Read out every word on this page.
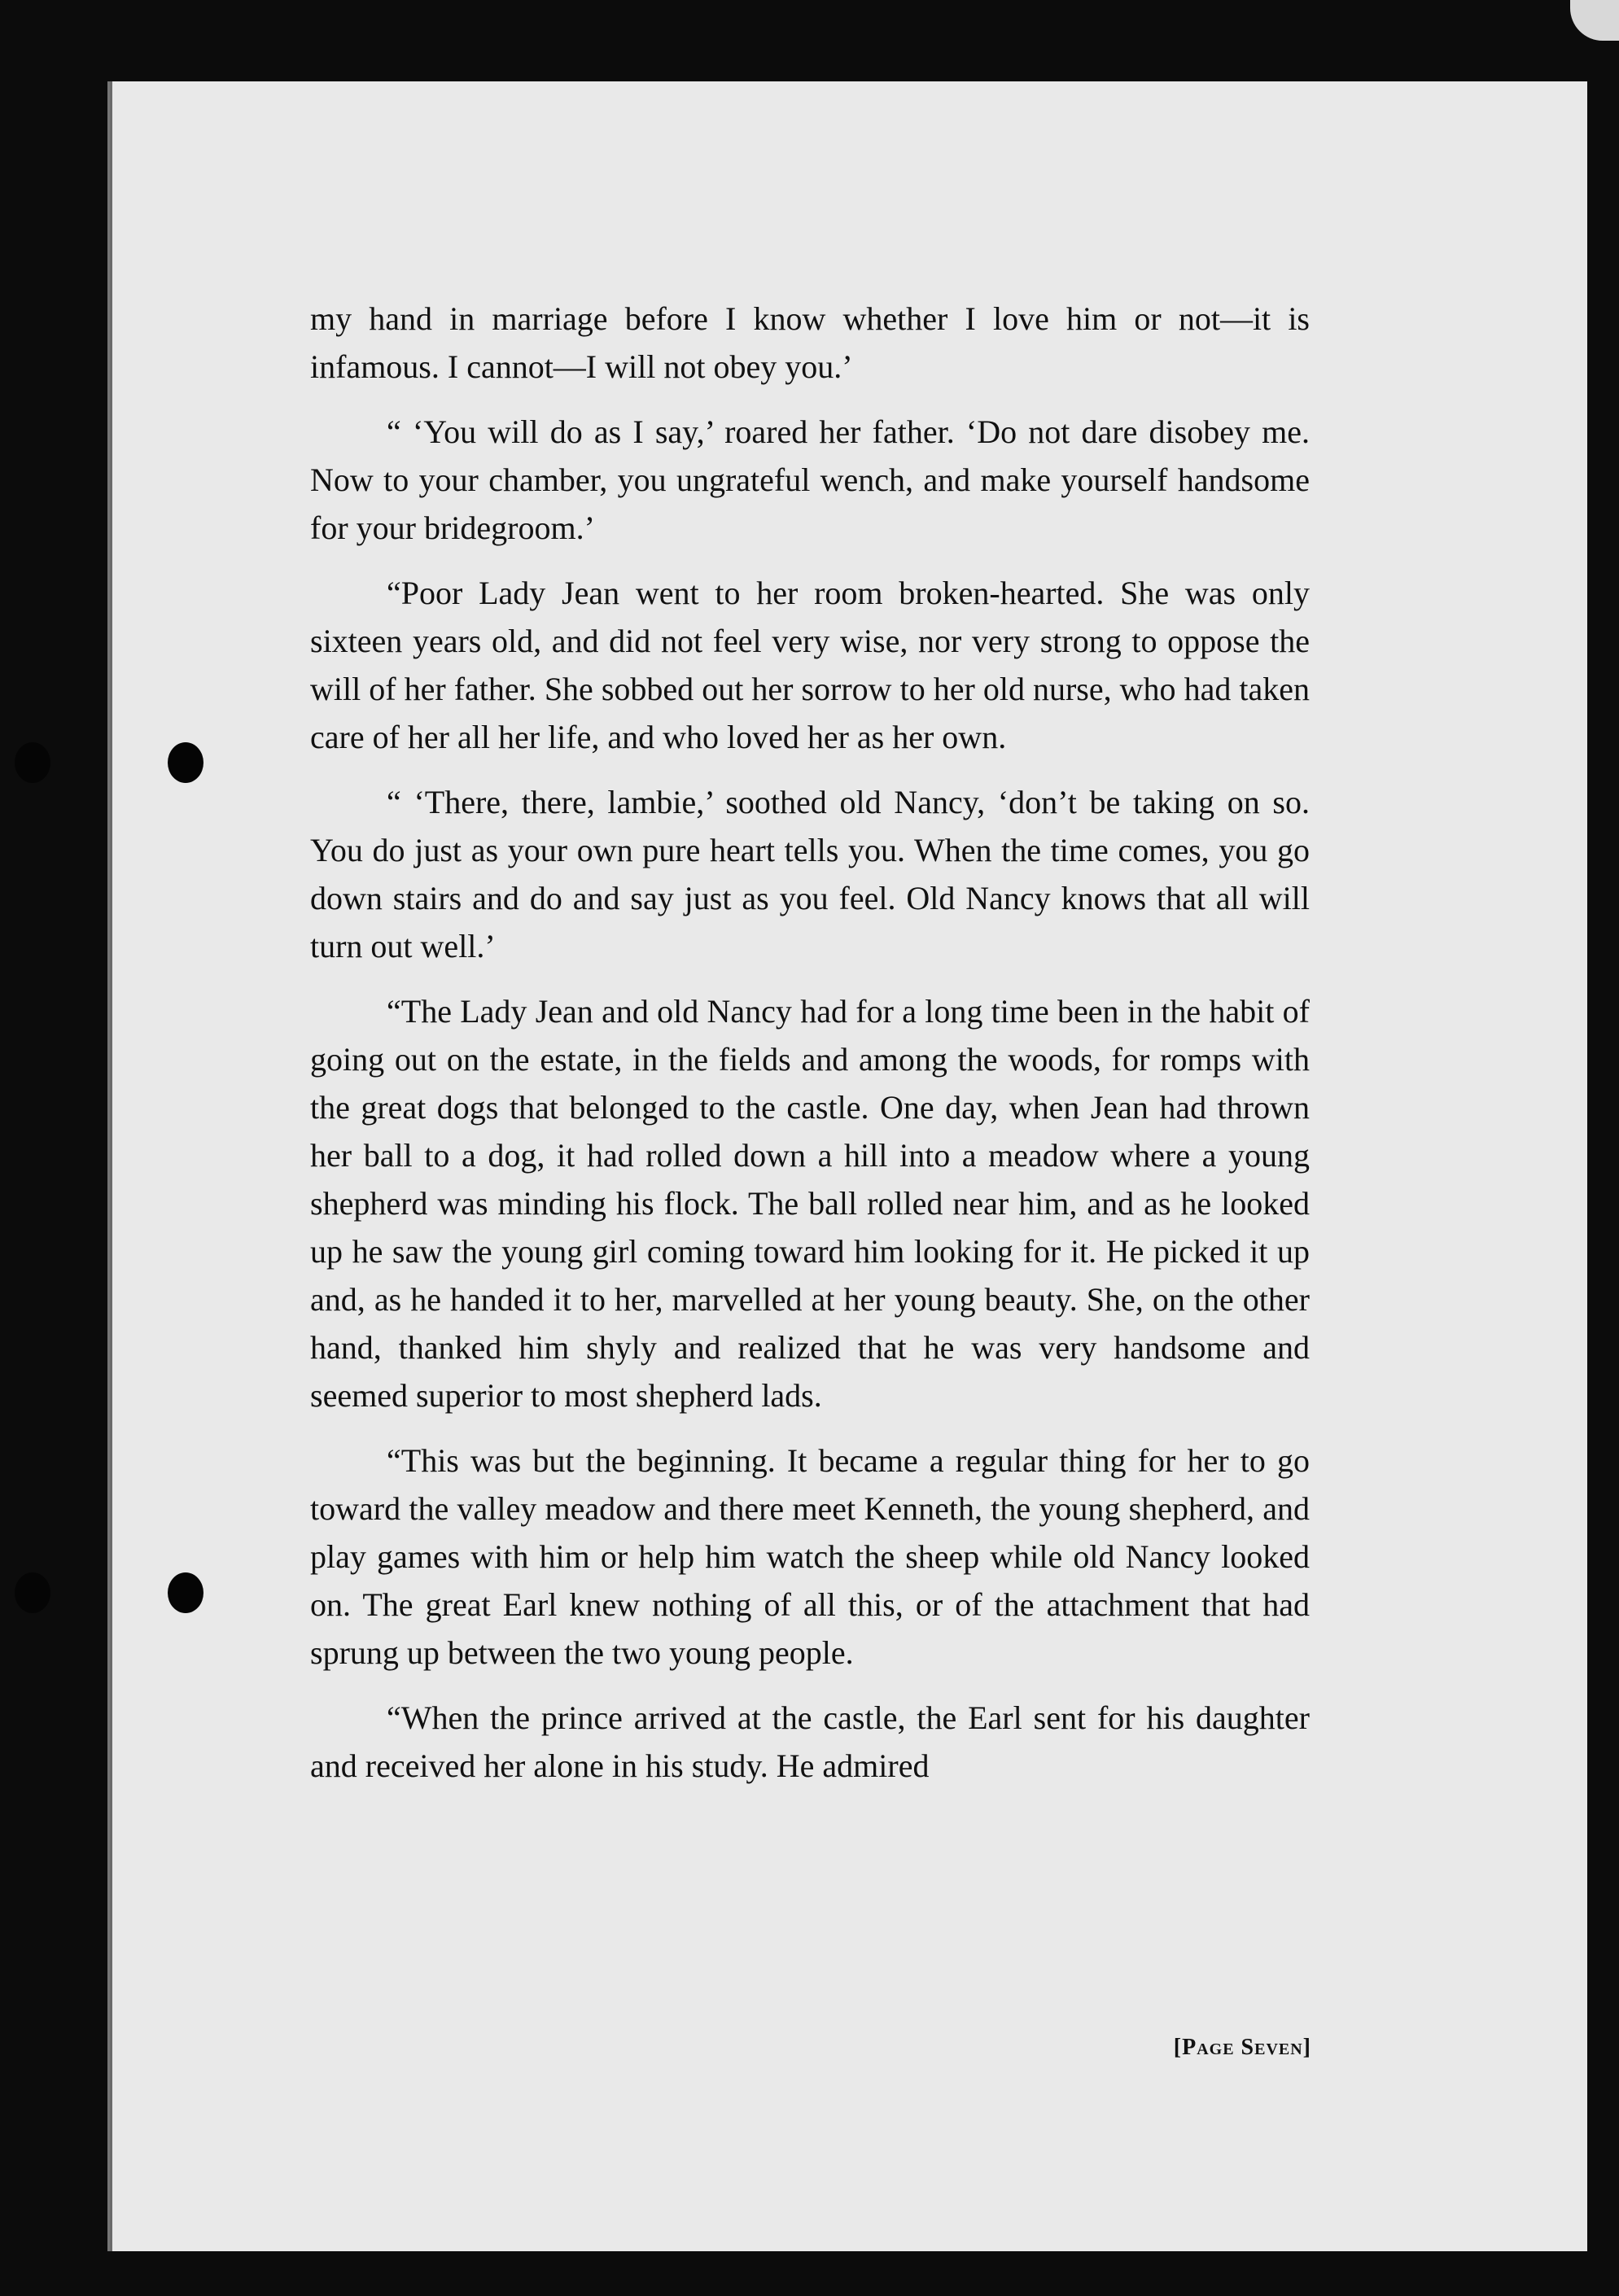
my hand in marriage before I know whether I love him or not—it is infamous. I cannot—I will not obey you.’

“ ‘You will do as I say,’ roared her father. ‘Do not dare disobey me. Now to your chamber, you ungrateful wench, and make yourself handsome for your bridegroom.’

“Poor Lady Jean went to her room broken-hearted. She was only sixteen years old, and did not feel very wise, nor very strong to oppose the will of her father. She sobbed out her sorrow to her old nurse, who had taken care of her all her life, and who loved her as her own.

“ ‘There, there, lambie,’ soothed old Nancy, ‘don’t be taking on so. You do just as your own pure heart tells you. When the time comes, you go down stairs and do and say just as you feel. Old Nancy knows that all will turn out well.’

“The Lady Jean and old Nancy had for a long time been in the habit of going out on the estate, in the fields and among the woods, for romps with the great dogs that belonged to the castle. One day, when Jean had thrown her ball to a dog, it had rolled down a hill into a meadow where a young shepherd was minding his flock. The ball rolled near him, and as he looked up he saw the young girl coming toward him looking for it. He picked it up and, as he handed it to her, marvelled at her young beauty. She, on the other hand, thanked him shyly and realized that he was very handsome and seemed superior to most shepherd lads.

“This was but the beginning. It became a regular thing for her to go toward the valley meadow and there meet Kenneth, the young shepherd, and play games with him or help him watch the sheep while old Nancy looked on. The great Earl knew nothing of all this, or of the attachment that had sprung up between the two young people.

“When the prince arrived at the castle, the Earl sent for his daughter and received her alone in his study. He admired

[Page Seven]
